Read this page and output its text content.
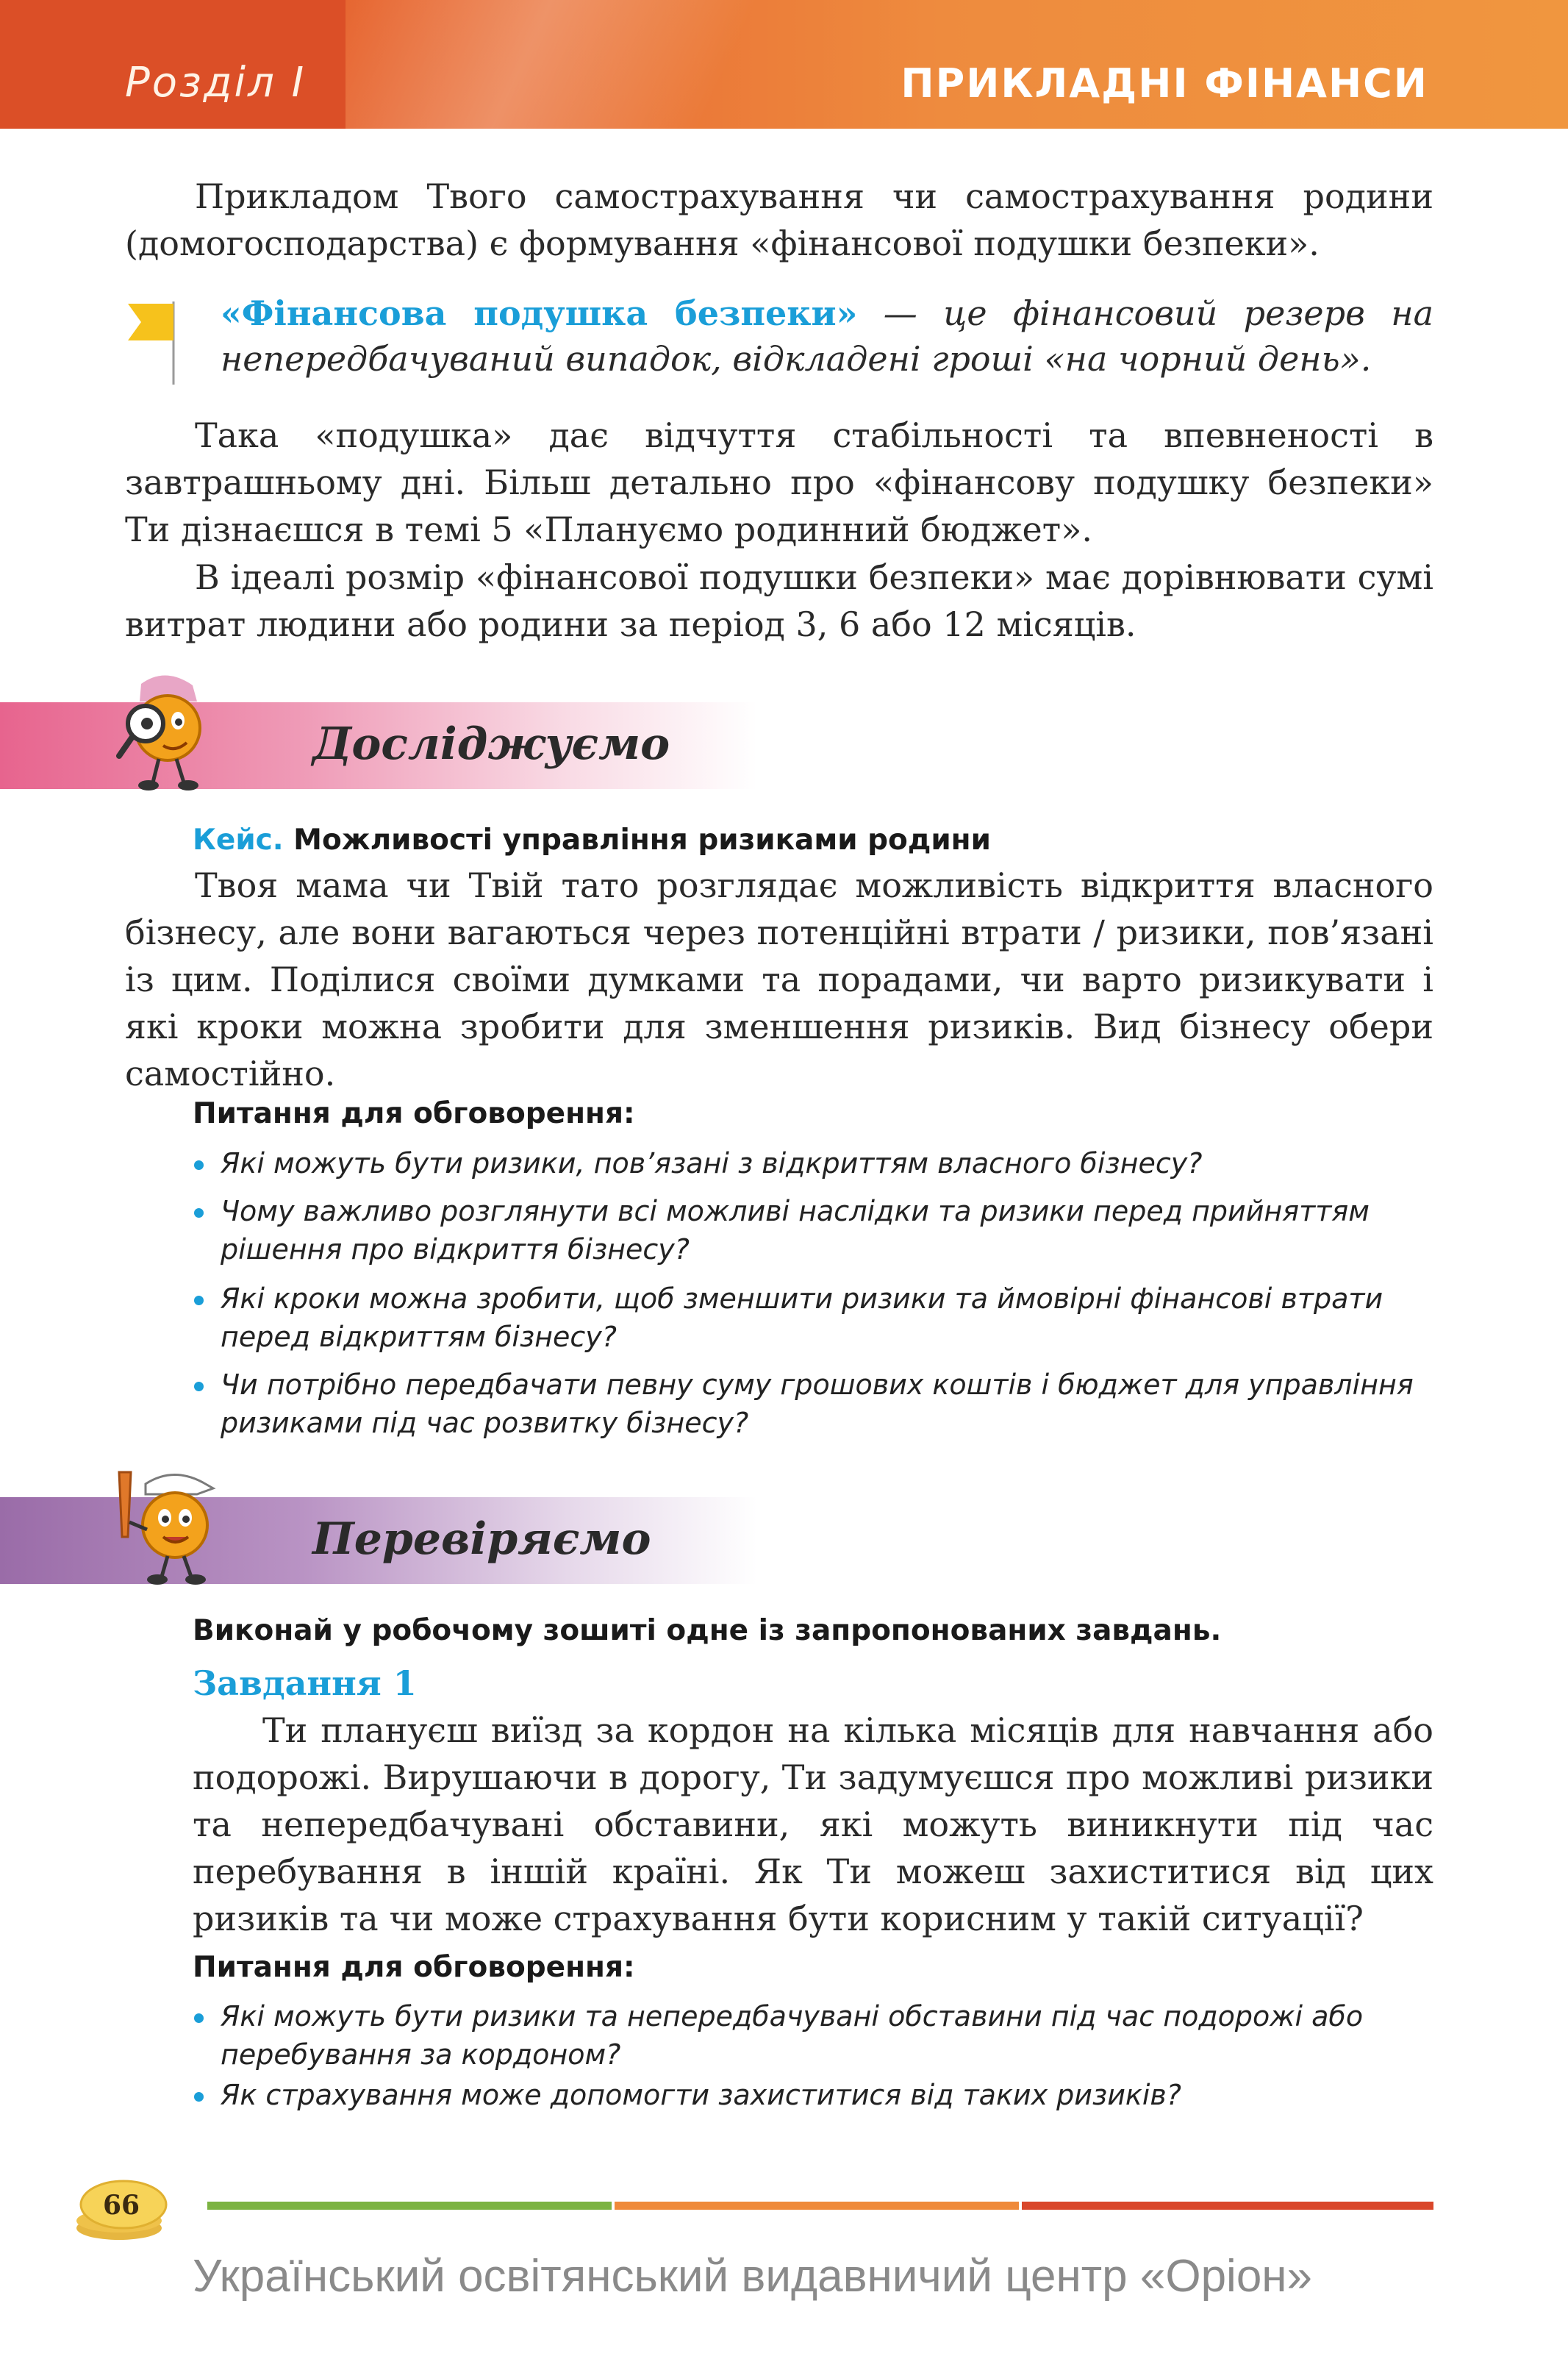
Розділ І	ПРИКЛАДНІ ФІНАНСИ

Прикладом Твого самострахування чи самострахування родини (домогосподарства) є формування «фінансової подушки безпеки».

«Фінансова подушка безпеки» — це фінансовий резерв на непередбачуваний випадок, відкладені гроші «на чорний день».

Така «подушка» дає відчуття стабільності та впевненості в завтрашньому дні. Більш детально про «фінансову подушку безпеки» Ти дізнаєшся в темі 5 «Плануємо родинний бюджет».

В ідеалі розмір «фінансової подушки безпеки» має дорівнювати сумі витрат людини або родини за період 3, 6 або 12 місяців.

Досліджуємо
Кейс. Можливості управління ризиками родини

Твоя мама чи Твій тато розглядає можливість відкриття власного бізнесу, але вони вагаються через потенційні втрати / ризики, пов’язані із цим. Поділися своїми думками та порадами, чи варто ризикувати і які кроки можна зробити для зменшення ризиків. Вид бізнесу обери самостійно.

Питання для обговорення:

Які можуть бути ризики, пов’язані з відкриттям власного бізнесу?

Чому важливо розглянути всі можливі наслідки та ризики перед прийняттям рішення про відкриття бізнесу?

Які кроки можна зробити, щоб зменшити ризики та ймовірні фінансові втрати перед відкриттям бізнесу?

Чи потрібно передбачати певну суму грошових коштів і бюджет для управління ризиками під час розвитку бізнесу?

Перевіряємо
Виконай у робочому зошиті одне із запропонованих завдань.
Завдання 1

Ти плануєш виїзд за кордон на кілька місяців для навчання або подорожі. Вирушаючи в дорогу, Ти задумуєшся про можливі ризики та непередбачувані обставини, які можуть виникнути під час перебування в іншій країні. Як Ти можеш захиститися від цих ризиків та чи може страхування бути корисним у такій ситуації?

Питання для обговорення:

Які можуть бути ризики та непередбачувані обставини під час подорожі або перебування за кордоном?

Як страхування може допомогти захиститися від таких ризиків?

66
Український освітянський видавничий центр «Оріон»
